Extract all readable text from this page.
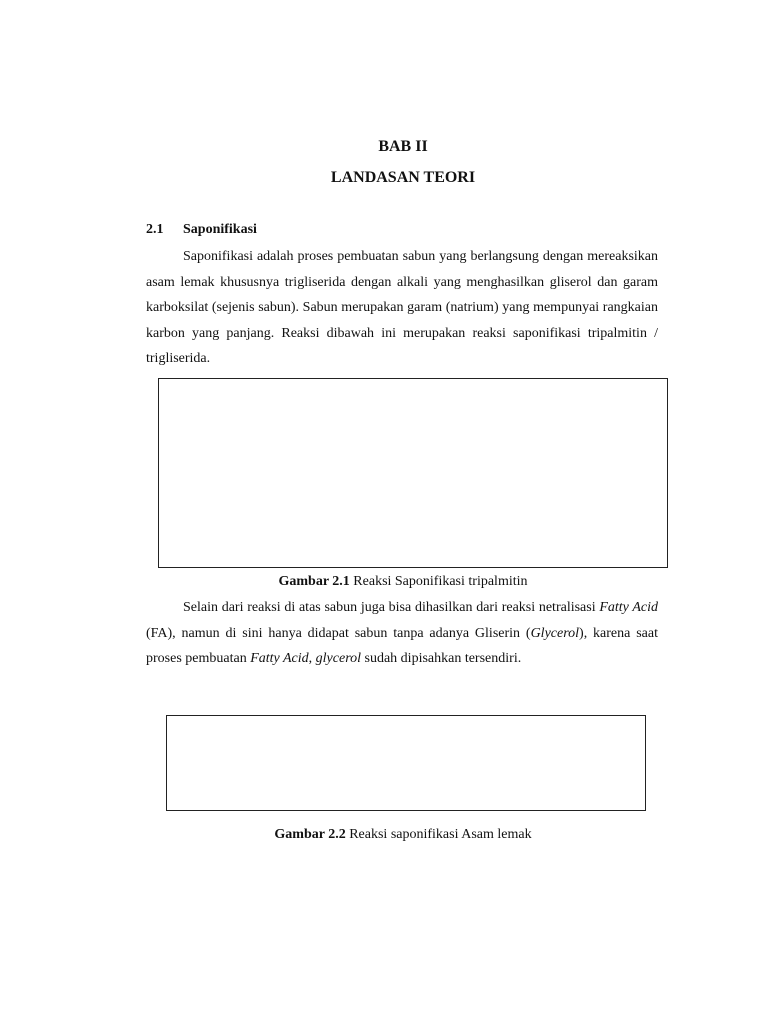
BAB II
LANDASAN TEORI
2.1 Saponifikasi

Saponifikasi adalah proses pembuatan sabun yang berlangsung dengan mereaksikan asam lemak khususnya trigliserida dengan alkali yang menghasilkan gliserol dan garam karboksilat (sejenis sabun). Sabun merupakan garam (natrium) yang mempunyai rangkaian karbon yang panjang. Reaksi dibawah ini merupakan reaksi saponifikasi tripalmitin / trigliserida.

Gambar 2.1 Reaksi Saponifikasi tripalmitin

Selain dari reaksi di atas sabun juga bisa dihasilkan dari reaksi netralisasi Fatty Acid (FA), namun di sini hanya didapat sabun tanpa adanya Gliserin (Glycerol), karena saat proses pembuatan Fatty Acid, glycerol sudah dipisahkan tersendiri.

Gambar 2.2 Reaksi saponifikasi Asam lemak
